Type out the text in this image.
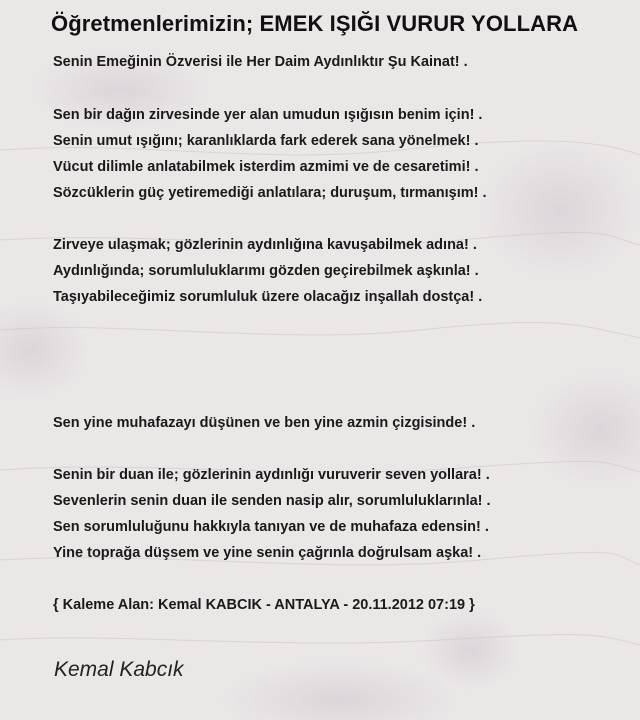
Öğretmenlerimizin; EMEK IŞIĞI VURUR YOLLARA

Senin Emeğinin Özverisi ile Her Daim Aydınlıktır Şu Kainat! .

Sen bir dağın zirvesinde yer alan umudun ışığısın benim için! .

Senin umut ışığını; karanlıklarda fark ederek sana yönelmek! .

Vücut dilimle anlatabilmek isterdim azmimi ve de cesaretimi! .

Sözcüklerin güç yetiremediği anlatılara; duruşum, tırmanışım! .

Zirveye ulaşmak; gözlerinin aydınlığına kavuşabilmek adına! .

Aydınlığında; sorumluluklarımı gözden geçirebilmek aşkınla! .

Taşıyabileceğimiz sorumluluk üzere olacağız inşallah dostça! .

Sen yine muhafazayı düşünen ve ben yine azmin çizgisinde! .

Senin bir duan ile; gözlerinin aydınlığı vuruverir seven yollara! .

Sevenlerin senin duan ile senden nasip alır, sorumluluklarınla! .

Sen sorumluluğunu hakkıyla tanıyan ve de muhafaza edensin! .

Yine toprağa düşsem ve yine senin çağrınla doğrulsam aşka! .

{ Kaleme Alan: Kemal KABCIK - ANTALYA - 20.11.2012 07:19 }

Kemal Kabcık
